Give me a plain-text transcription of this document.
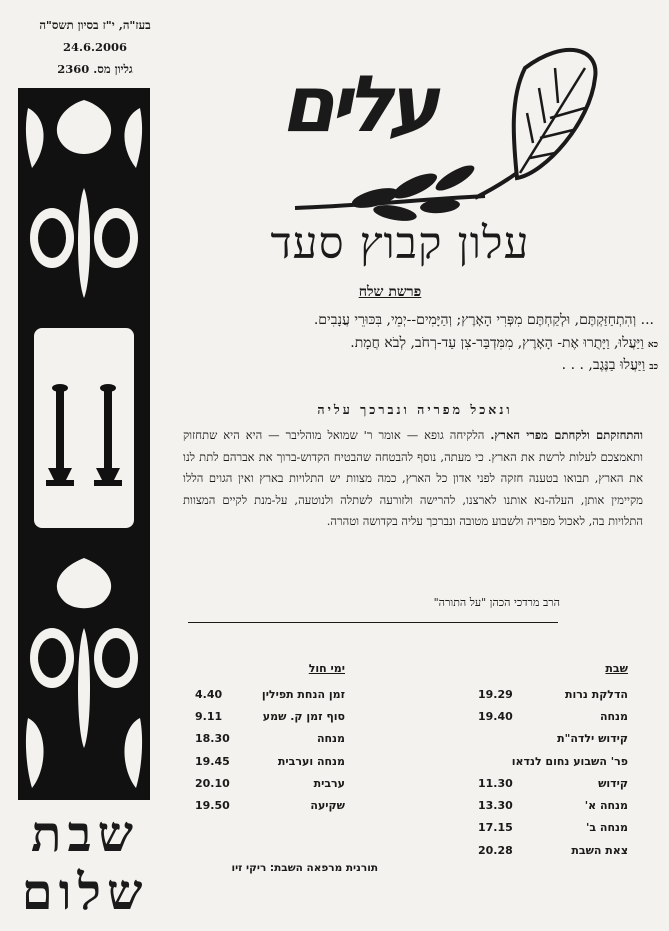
בעז"ה, י"ז בסיון תשס"ה
24.6.2006
גליון מס. 2360
שבת
שלום
עלים
עלון קבוץ סעד
פרשת שלח
... וְהִתְחַזַּקְתֶּם, וּלְקַחְתֶּם מִפְּרִי הָאָרֶץ; וְהַיָּמִים--יְמֵי, בִּכּוּרֵי עֲנָבִים.
כאוַיַּעֲלוּ, וַיָּתֻרוּ אֶת- הָאָרֶץ, מִמִּדְבַּר-צִן עַד-רְחֹב, לְבֹא חֲמָת.
כבוַיַּעֲלוּ בַנֶּגֶב, . . .
ונאכל מפריה ונברכך עליה
והתחזקתם ולקחתם מפרי הארץ. הלקיחה גופא — אומר ר' שמואל מוהליבר — היא היא שתחזוק ותאמצכם לעלות לרשת את הארץ. כי מעתה, נוסף להבטחה שהבטיח הקדוש-ברוך את אברהם לתת לנו את הארץ, תבואו בטענה חזקה לפני אדון כל הארץ, כמה מצוות יש התלויות בארץ ואין הגוים הללו מקיימין אותן, העלה-נא אותנו לארצנו, להרישה ולזורעה לשתלה ולנוטעה, על-מנת לקיים המצוות התלויות בה, לאכול מפריה ולשבוע מטובה ונברכך עליה בקדושה וטהרה.
הרב מרדכי הכהן "על התורה"
שבת
הדלקת נרות
19.29
מנחה
19.40
קידוש ילדה"ת
פר' השבוע נחום לנדאו
קידוש
11.30
מנחה א'
13.30
מנחה ב'
17.15
צאת השבת
20.28
ימי חול
זמן הנחת תפילין
4.40
סוף זמן ק. שמע
9.11
מנחה
18.30
מנחה וערבית
19.45
ערבית
20.10
שקיעה
19.50
תורנית מרפאה השבת: ריקי זיו
